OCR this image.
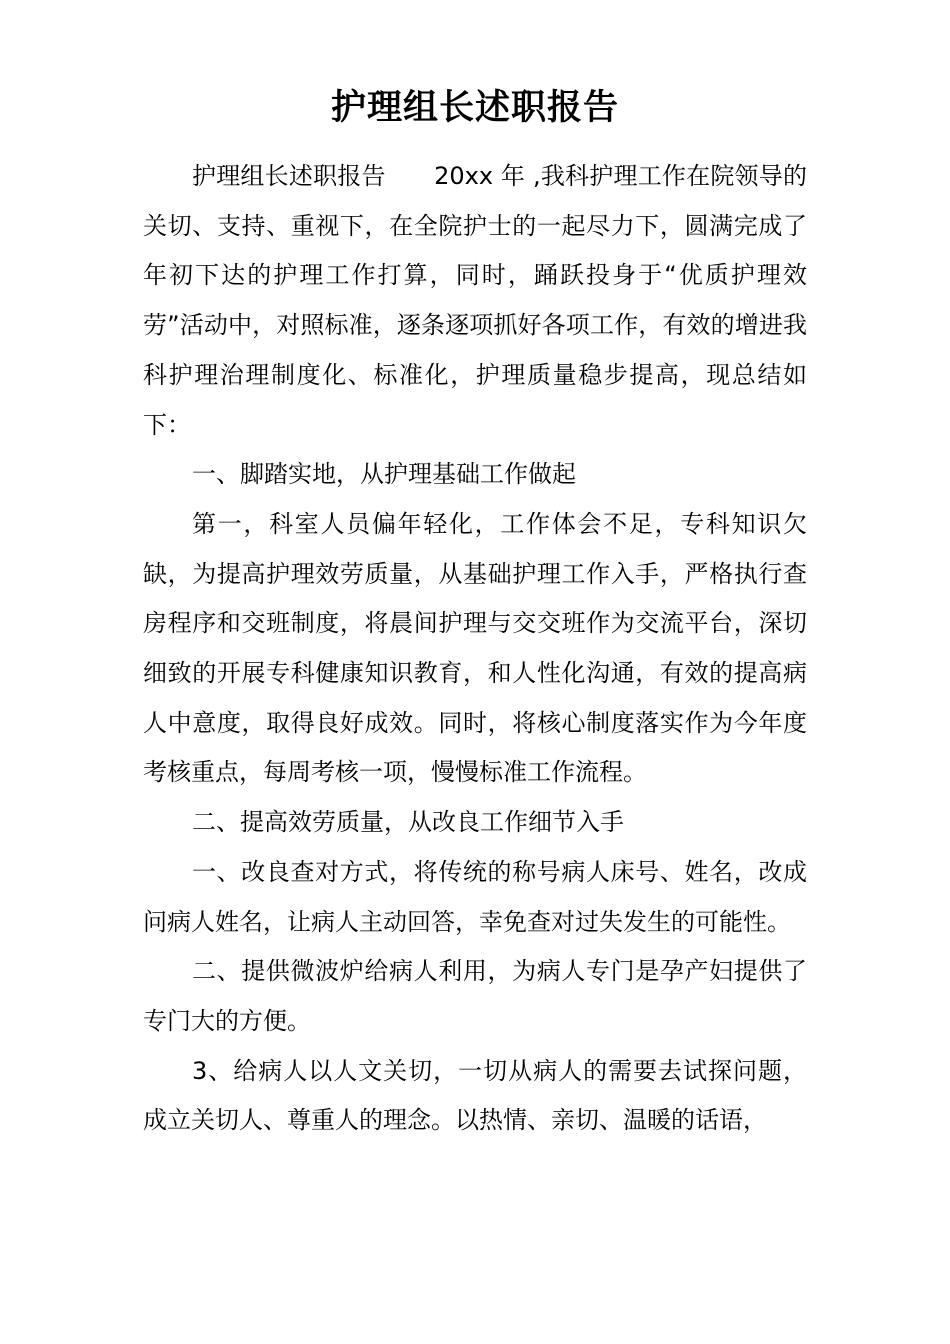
护理组长述职报告

护理组长述职报告　　20xx 年 ,我科护理工作在院领导的关切、支持、重视下，在全院护士的一起尽力下，圆满完成了年初下达的护理工作打算，同时，踊跃投身于“优质护理效劳”活动中，对照标准，逐条逐项抓好各项工作，有效的增进我科护理治理制度化、标准化，护理质量稳步提高，现总结如下：

一、脚踏实地，从护理基础工作做起

第一，科室人员偏年轻化，工作体会不足，专科知识欠缺，为提高护理效劳质量，从基础护理工作入手，严格执行查房程序和交班制度，将晨间护理与交交班作为交流平台，深切细致的开展专科健康知识教育，和人性化沟通，有效的提高病人中意度，取得良好成效。同时，将核心制度落实作为今年度考核重点，每周考核一项，慢慢标准工作流程。

二、提高效劳质量，从改良工作细节入手

一、改良查对方式，将传统的称号病人床号、姓名，改成问病人姓名，让病人主动回答，幸免查对过失发生的可能性。

二、提供微波炉给病人利用，为病人专门是孕产妇提供了专门大的方便。

3、给病人以人文关切，一切从病人的需要去试探问题，成立关切人、尊重人的理念。以热情、亲切、温暖的话语，
